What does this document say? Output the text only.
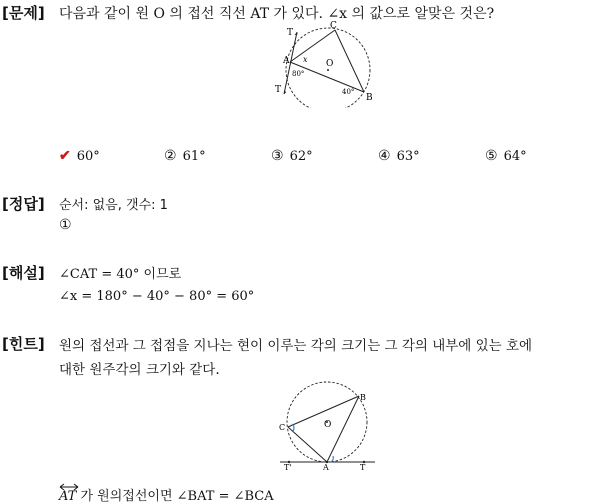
[문제] 다음과 같이 원 O 의 접선 직선 AT 가 있다. ∠x 의 값으로 알맞은 것은?
T
C
A x O
80°
40°
B
T
✔ 60°	② 61°	③ 62°	④ 63°	⑤ 64°
[정답] 순서: 없음, 갯수: 1
①
[해설] ∠CAT = 40° 이므로
∠x = 180° − 40° − 80° = 60°
[힌트] 원의 접선과 그 접점을 지나는 현이 이루는 각의 크기는 그 각의 내부에 있는 호에
대한 원주각의 크기와 같다.
B
C	O
T'	A	T
AT 가 원의접선이면 ∠BAT = ∠BCA
